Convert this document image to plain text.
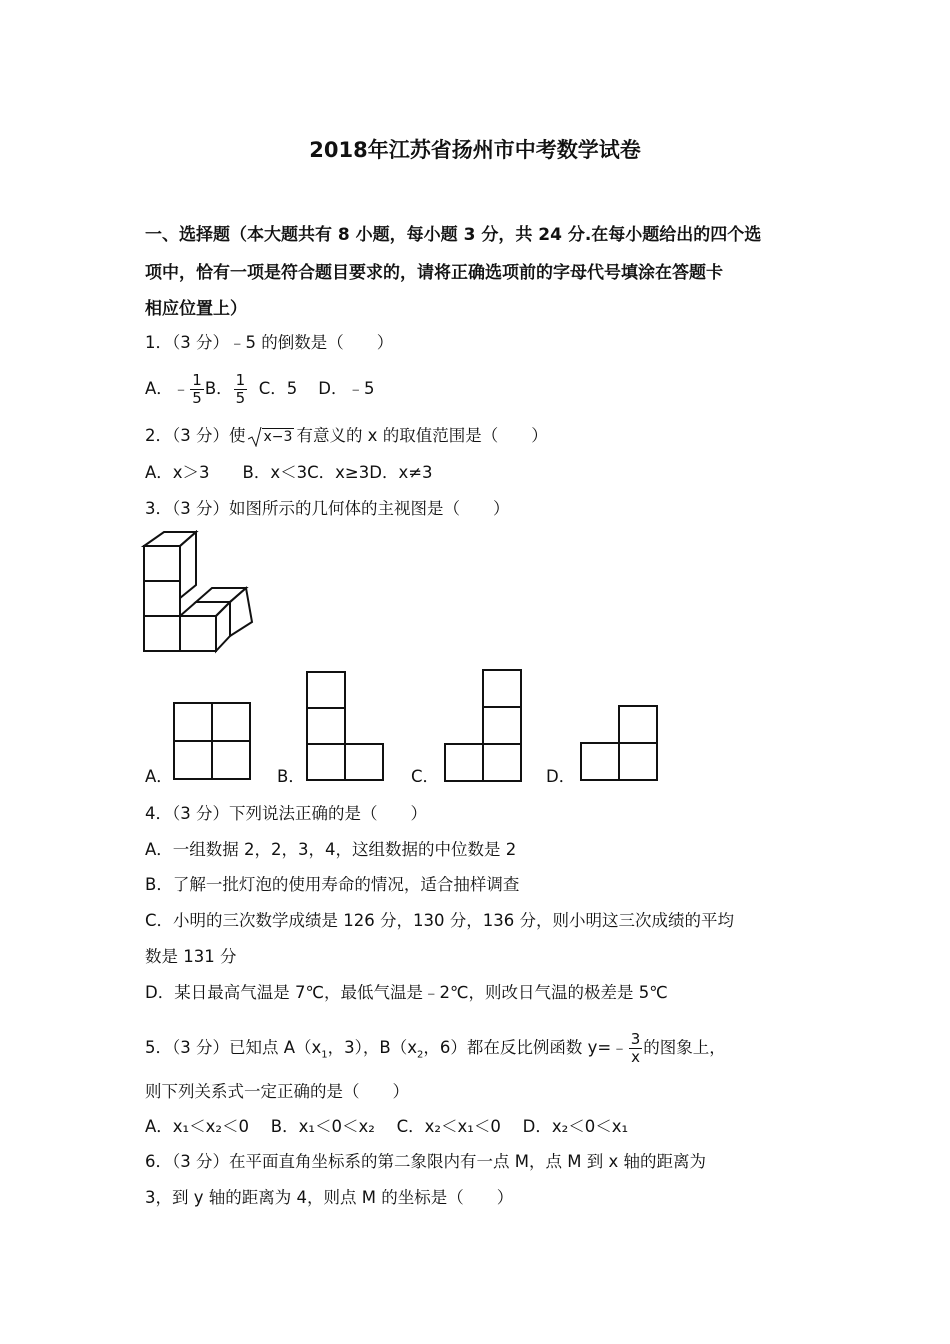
2018年江苏省扬州市中考数学试卷
一、选择题（本大题共有 8 小题，每小题 3 分，共 24 分.在每小题给出的四个选
项中，恰有一项是符合题目要求的，请将正确选项前的字母代号填涂在答题卡
相应位置上）
1．（3 分）﹣5 的倒数是（　　）
A．﹣ $\frac{1}{5}$ B． $\frac{1}{5}$ C．5 D．﹣5
2．（3 分）使 x−3 有意义的 x 的取值范围是（　　）
A．x＞3　　B．x＜3C．x≥3D．x≠3
3．（3 分）如图所示的几何体的主视图是（　　）
A．	B．	C．	D．
4．（3 分）下列说法正确的是（　　）
A．一组数据 2，2，3，4，这组数据的中位数是 2
B．了解一批灯泡的使用寿命的情况，适合抽样调查
C．小明的三次数学成绩是 126 分，130 分，136 分，则小明这三次成绩的平均
数是 131 分
D．某日最高气温是 7℃，最低气温是﹣2℃，则改日气温的极差是 5℃
5．（3 分）已知点 $A(x_1$，3），$B(x_2$，6）都在反比例函数 y=﹣ $\frac{3}{x}$ 的图象上，
则下列关系式一定正确的是（　　）
A．x₁＜x₂＜0　 B．x₁＜0＜x₂　 C．x₂＜x₁＜0　 D．x₂＜0＜x₁
6．（3 分）在平面直角坐标系的第二象限内有一点 M，点 M 到 x 轴的距离为
3，到 y 轴的距离为 4，则点 M 的坐标是（　　）
